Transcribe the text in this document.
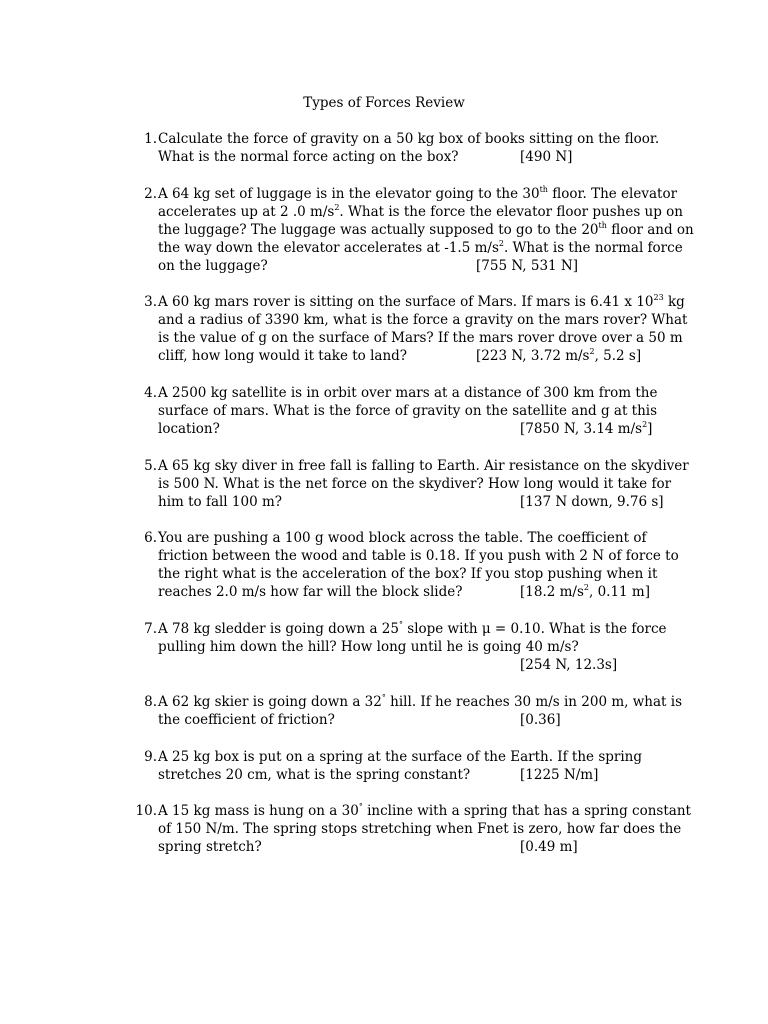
Types of Forces Review
1. Calculate the force of gravity on a 50 kg box of books sitting on the floor.
What is the normal force acting on the box?	[490 N]
2. A 64 kg set of luggage is in the elevator going to the 30th floor. The elevator
accelerates up at 2 .0 $m/s^2$. What is the force the elevator floor pushes up on
the luggage? The luggage was actually supposed to go to the 20th floor and on
the way down the elevator accelerates at -1.5 $m/s^2$. What is the normal force
on the luggage?	[755 N, 531 N]
3. A 60 kg mars rover is sitting on the surface of Mars. If mars is 6.41 x $10^{23}$ kg
and a radius of 3390 km, what is the force a gravity on the mars rover? What
is the value of g on the surface of Mars? If the mars rover drove over a 50 m
cliff, how long would it take to land?	[223 N, 3.72 $m/s^2$, 5.2 s]
4. A 2500 kg satellite is in orbit over mars at a distance of 300 km from the
surface of mars. What is the force of gravity on the satellite and g at this
location?	[7850 N, 3.14 $m/s^2$]
5. A 65 kg sky diver in free fall is falling to Earth. Air resistance on the skydiver
is 500 N. What is the net force on the skydiver? How long would it take for
him to fall 100 m?	[137 N down, 9.76 s]
6. You are pushing a 100 g wood block across the table. The coefficient of
friction between the wood and table is 0.18. If you push with 2 N of force to
the right what is the acceleration of the box? If you stop pushing when it
reaches 2.0 m/s how far will the block slide?	[18.2 $m/s^2$, 0.11 m]
7. A 78 kg sledder is going down a 25° slope with μ = 0.10. What is the force
pulling him down the hill? How long until he is going 40 m/s?
[254 N, 12.3s]
8. A 62 kg skier is going down a 32° hill. If he reaches 30 m/s in 200 m, what is
the coefficient of friction?	[0.36]
9. A 25 kg box is put on a spring at the surface of the Earth. If the spring
stretches 20 cm, what is the spring constant?	[1225 N/m]
10. A 15 kg mass is hung on a 30° incline with a spring that has a spring constant
of 150 N/m. The spring stops stretching when Fnet is zero, how far does the
spring stretch?	[0.49 m]
